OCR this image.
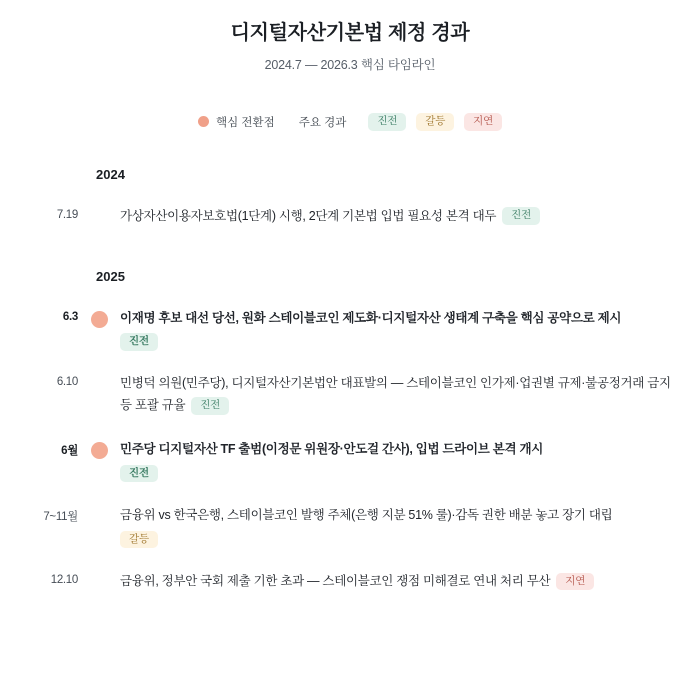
디지털자산기본법 제정 경과
2024.7 — 2026.3 핵심 타임라인
핵심 전환점 주요 경과	진전	갈등	지연
2024
7.19	가상자산이용자보호법(1단계) 시행, 2단계 기본법 입법 필요성 본격 대두 진전
2025
6.3	이재명 후보 대선 당선, 원화 스테이블코인 제도화·디지털자산 생태계 구축을 핵심 공약으로 제시
진전
6.10	민병덕 의원(민주당), 디지털자산기본법안 대표발의 — 스테이블코인 인가제·업권별 규제·불공정거래 금지 등 포괄 규율 진전
6월	민주당 디지털자산 TF 출범(이정문 위원장·안도걸 간사), 입법 드라이브 본격 개시
진전
7~11월	금융위 vs 한국은행, 스테이블코인 발행 주체(은행 지분 51% 룰)·감독 권한 배분 놓고 장기 대립
갈등
12.10	금융위, 정부안 국회 제출 기한 초과 — 스테이블코인 쟁점 미해결로 연내 처리 무산 지연
